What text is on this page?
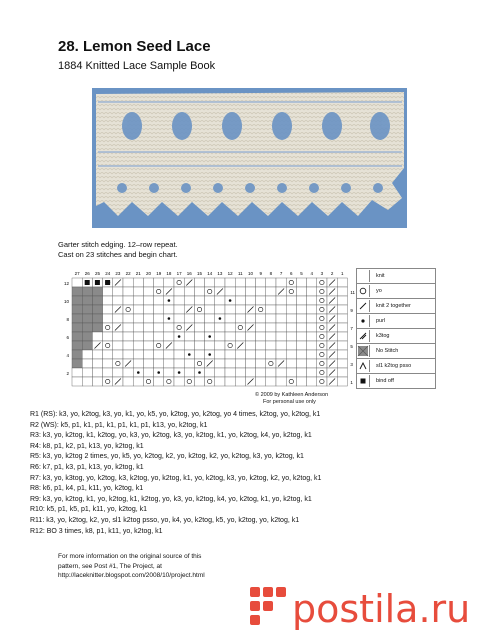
28. Lemon Seed Lace
1884 Knitted Lace Sample Book
Garter stitch edging. 12–row repeat.
Cast on 23 stitches and begin chart.
27 26 25 24 23 22 21 20 19 18 17 16 15 14 13 12 11 10 9 8 7 6 5 4 3 2 1
12
10
8
6
4
2
11
9
7
5
3
1
knit
yo
knit 2 together
purl
k3tog
No Stitch
sl1 k2tog psso
bind off
© 2009 by Kathleen Anderson
For personal use only
R1 (RS): k3, yo, k2tog, k3, yo, k1, yo, k5, yo, k2tog, yo, k2tog, yo 4 times, k2tog, yo, k2tog, k1
R2 (WS): k5, p1, k1, p1, k1, p1, k1, p1, k13, yo, k2tog, k1
R3: k3, yo, k2tog, k1, k2tog, yo, k3, yo, k2tog, k3, yo, k2tog, k1, yo, k2tog, k4, yo, k2tog, k1
R4: k8, p1, k2, p1, k13, yo, k2tog, k1
R5: k3, yo, k2tog 2 times, yo, k5, yo, k2tog, k2, yo, k2tog, k2, yo, k2tog, k3, yo, k2tog, k1
R6: k7, p1, k3, p1, k13, yo, k2tog, k1
R7: k3, yo, k3tog, yo, k2tog, k3, k2tog, yo, k2tog, k1, yo, k2tog, k3, yo, k2tog, k2, yo, k2tog, k1
R8: k6, p1, k4, p1, k11, yo, k2tog, k1
R9: k3, yo, k2tog, k1, yo, k2tog, k1, k2tog, yo, k3, yo, k2tog, k4, yo, k2tog, k1, yo, k2tog, k1
R10: k5, p1, k5, p1, k11, yo, k2tog, k1
R11: k3, yo, k2tog, k2, yo, sl1 k2tog psso, yo, k4, yo, k2tog, k5, yo, k2tog, yo, k2tog, k1
R12: BO 3 times, k8, p1, k11, yo, k2tog, k1
For more information on the original source of this
pattern, see Post #1, The Project, at
http://laceknitter.blogspot.com/2008/10/project.html
postila.ru
